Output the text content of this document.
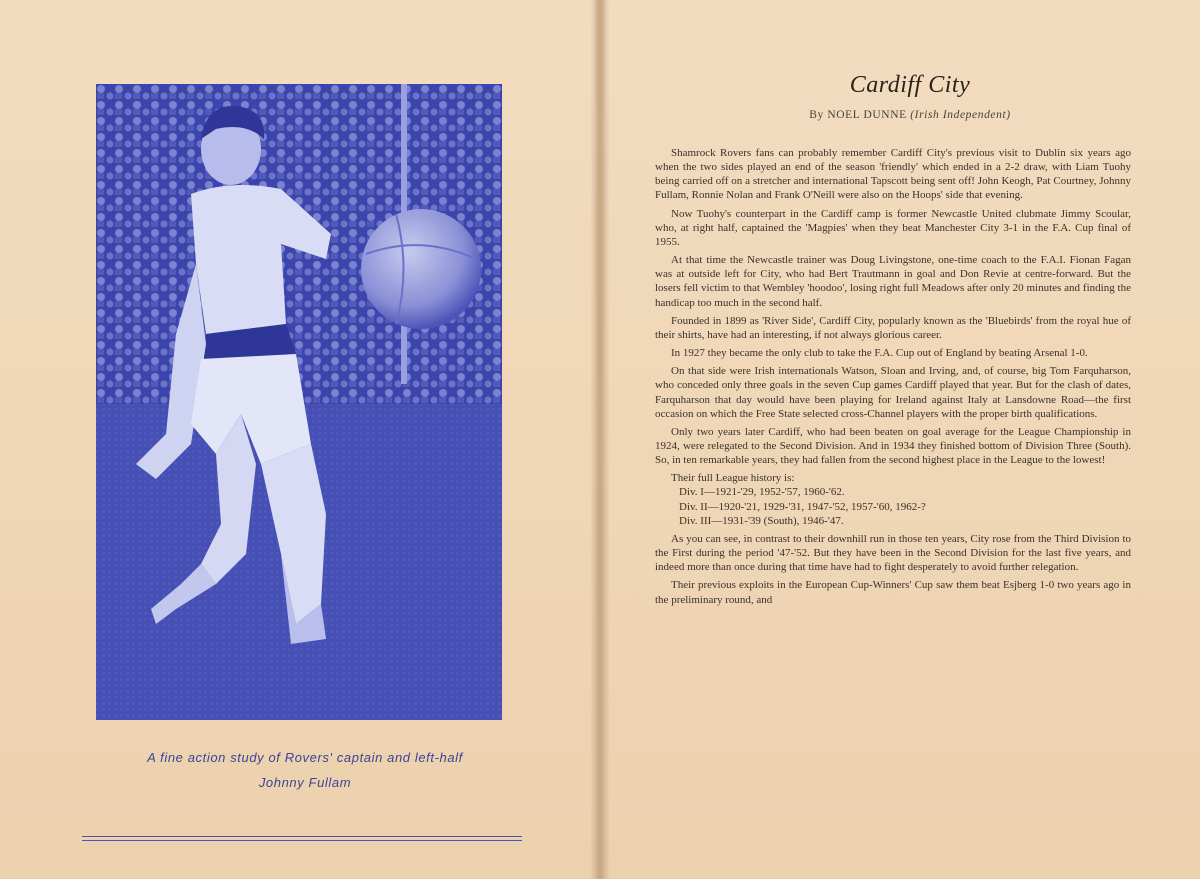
A fine action study of Rovers' captain and left-half
Johnny Fullam
Cardiff City
By NOEL DUNNE (Irish Independent)

Shamrock Rovers fans can probably remember Cardiff City's previous visit to Dublin six years ago when the two sides played an end of the season 'friendly' which ended in a 2-2 draw, with Liam Tuohy being carried off on a stretcher and international Tapscott being sent off! John Keogh, Pat Courtney, Johnny Fullam, Ronnie Nolan and Frank O'Neill were also on the Hoops' side that evening.

Now Tuohy's counterpart in the Cardiff camp is former Newcastle United clubmate Jimmy Scoular, who, at right half, captained the 'Magpies' when they beat Manchester City 3-1 in the F.A. Cup final of 1955.

At that time the Newcastle trainer was Doug Livingstone, one-time coach to the F.A.I. Fionan Fagan was at outside left for City, who had Bert Trautmann in goal and Don Revie at centre-forward. But the losers fell victim to that Wembley 'hoodoo', losing right full Meadows after only 20 minutes and finding the handicap too much in the second half.

Founded in 1899 as 'River Side', Cardiff City, popularly known as the 'Bluebirds' from the royal hue of their shirts, have had an interesting, if not always glorious career.

In 1927 they became the only club to take the F.A. Cup out of England by beating Arsenal 1-0.

On that side were Irish internationals Watson, Sloan and Irving, and, of course, big Tom Farquharson, who conceded only three goals in the seven Cup games Cardiff played that year. But for the clash of dates, Farquharson that day would have been playing for Ireland against Italy at Lansdowne Road—the first occasion on which the Free State selected cross-Channel players with the proper birth qualifications.

Only two years later Cardiff, who had been beaten on goal average for the League Championship in 1924, were relegated to the Second Division. And in 1934 they finished bottom of Division Three (South). So, in ten remarkable years, they had fallen from the second highest place in the League to the lowest!

Their full League history is:
Div. I—1921-'29, 1952-'57, 1960-'62.
Div. II—1920-'21, 1929-'31, 1947-'52, 1957-'60, 1962-?
Div. III—1931-'39 (South), 1946-'47.

As you can see, in contrast to their downhill run in those ten years, City rose from the Third Division to the First during the period '47-'52. But they have been in the Second Division for the last five years, and indeed more than once during that time have had to fight desperately to avoid further relegation.

Their previous exploits in the European Cup-Winners' Cup saw them beat Esjberg 1-0 two years ago in the preliminary round, and
